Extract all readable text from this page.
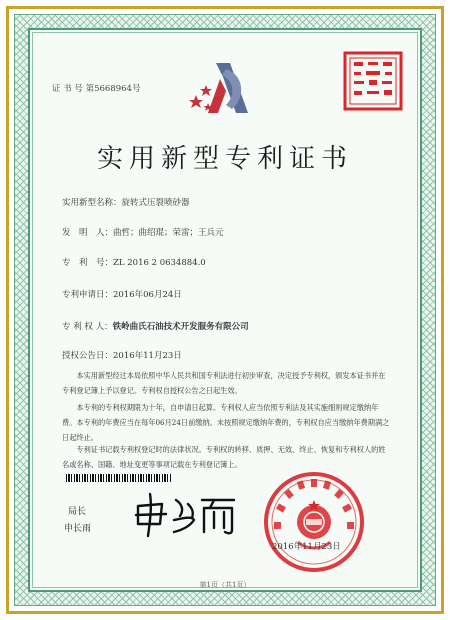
证 书 号 第5668964号
实用新型专利证书
实用新型名称：旋转式压裂喷砂器
发　明　人：曲哲；曲绍琨；荣雷；王兵元
专　利　号：ZL 2016 2 0634884.0
专利申请日：2016年06月24日
专 利 权 人：铁岭曲氏石油技术开发服务有限公司
授权公告日：2016年11月23日
本实用新型经过本局依照中华人民共和国专利法进行初步审查，决定授予专利权，颁发本证书并在专利登记簿上予以登记。专利权自授权公告之日起生效。
本专利的专利权期限为十年，自申请日起算。专利权人应当依照专利法及其实施细则规定缴纳年费。本专利的年费应当在每年06月24日前缴纳。未按照规定缴纳年费的，专利权自应当缴纳年费期满之日起终止。
专利证书记载专利权登记时的法律状况。专利权的转移、质押、无效、终止、恢复和专利权人的姓名或名称、国籍、地址变更等事项记载在专利登记簿上。
局长
申长雨
2016年11月23日
第1页（共1页）
